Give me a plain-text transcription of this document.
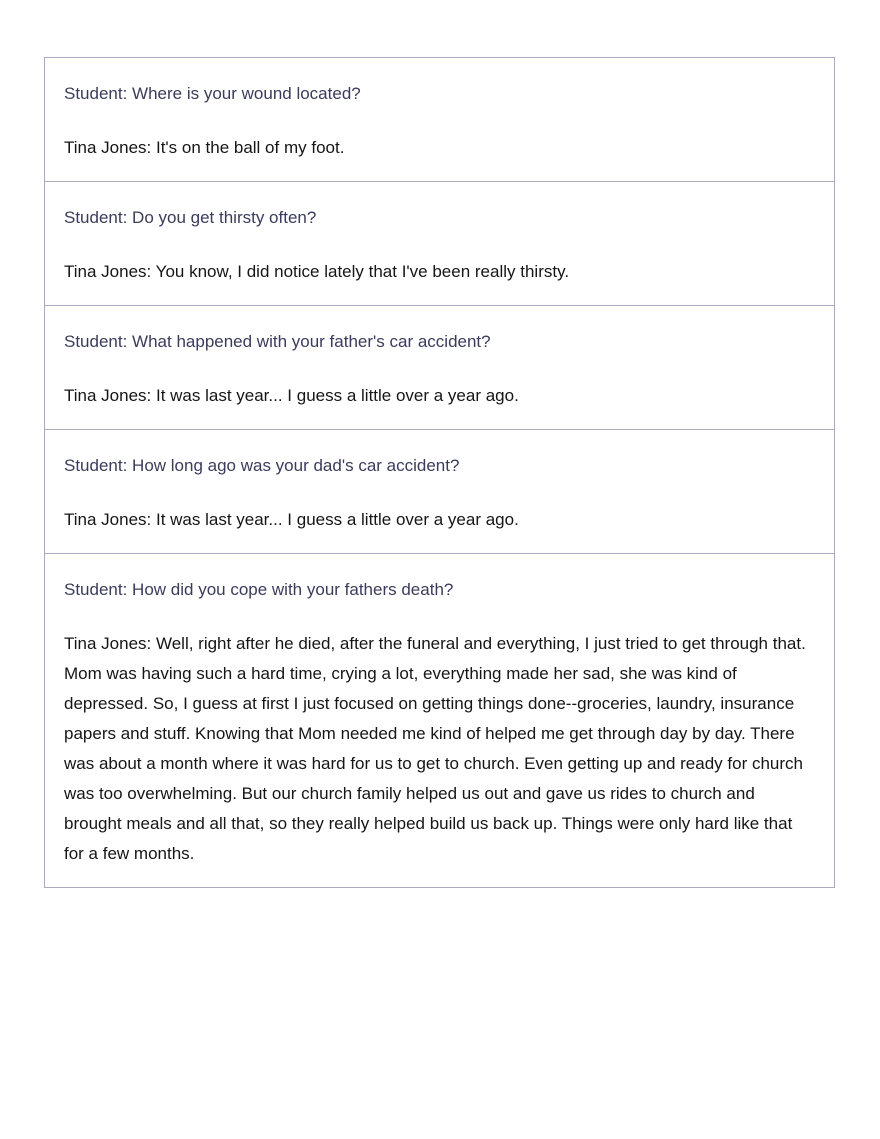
Student: Where is your wound located?
Tina Jones: It's on the ball of my foot.
Student: Do you get thirsty often?
Tina Jones: You know, I did notice lately that I've been really thirsty.
Student: What happened with your father's car accident?
Tina Jones: It was last year... I guess a little over a year ago.
Student: How long ago was your dad's car accident?
Tina Jones: It was last year... I guess a little over a year ago.
Student: How did you cope with your fathers death?
Tina Jones: Well, right after he died, after the funeral and everything, I just tried to get through that. Mom was having such a hard time, crying a lot, everything made her sad, she was kind of depressed. So, I guess at first I just focused on getting things done--groceries, laundry, insurance papers and stuff. Knowing that Mom needed me kind of helped me get through day by day. There was about a month where it was hard for us to get to church. Even getting up and ready for church was too overwhelming. But our church family helped us out and gave us rides to church and brought meals and all that, so they really helped build us back up. Things were only hard like that for a few months.
